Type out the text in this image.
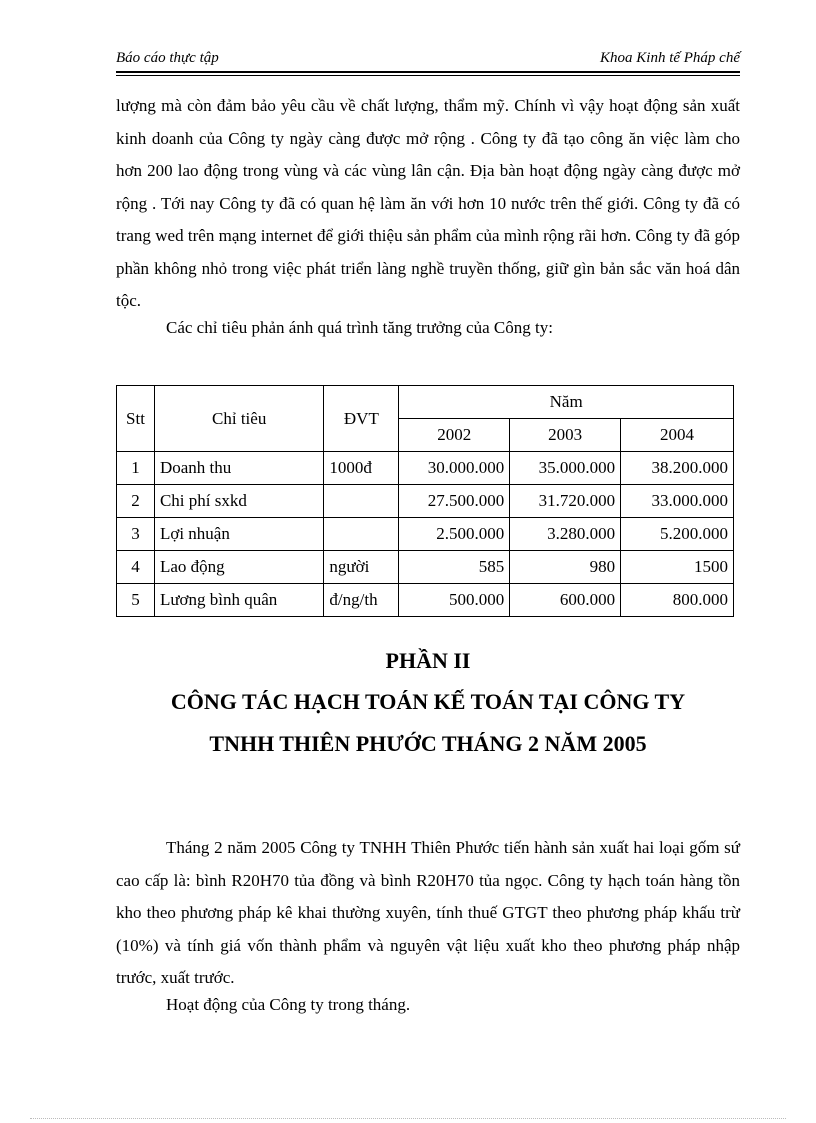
Báo cáo thực tập	Khoa Kinh tế Pháp chế

lượng mà còn đảm bảo yêu cầu về chất lượng, thẩm mỹ. Chính vì vậy hoạt động sản xuất kinh doanh của Công ty ngày càng được mở rộng . Công ty đã tạo công ăn việc làm cho hơn 200 lao động trong vùng và các vùng lân cận. Địa bàn hoạt động ngày càng được mở rộng . Tới nay Công ty đã có quan hệ làm ăn với hơn 10 nước trên thế giới. Công ty đã có trang wed trên mạng internet để giới thiệu sản phẩm của mình rộng rãi hơn. Công ty đã góp phần không nhỏ trong việc phát triển làng nghề truyền thống, giữ gìn bản sắc văn hoá dân tộc.

Các chỉ tiêu phản ánh quá trình tăng trưởng của Công ty:

Stt	Chỉ tiêu	ĐVT	Năm		
			2002	2003	2004
1	Doanh thu	1000đ	30.000.000	35.000.000	38.200.000
2	Chi phí sxkd		27.500.000	31.720.000	33.000.000
3	Lợi nhuận		2.500.000	3.280.000	5.200.000
4	Lao động	người	585	980	1500
5	Lương bình quân	đ/ng/th	500.000	600.000	800.000
PHẦN II
CÔNG TÁC HẠCH TOÁN KẾ TOÁN TẠI CÔNG TY
TNHH THIÊN PHƯỚC THÁNG 2 NĂM 2005

Tháng 2 năm 2005 Công ty TNHH Thiên Phước tiến hành sản xuất hai loại gốm sứ cao cấp là: bình R20H70 tủa đồng và bình R20H70 tủa ngọc. Công ty hạch toán hàng tồn kho theo phương pháp kê khai thường xuyên, tính thuế GTGT theo phương pháp khấu trừ (10%) và tính giá vốn thành phẩm và nguyên vật liệu xuất kho theo phương pháp nhập trước, xuất trước.

Hoạt động của Công ty trong tháng.
